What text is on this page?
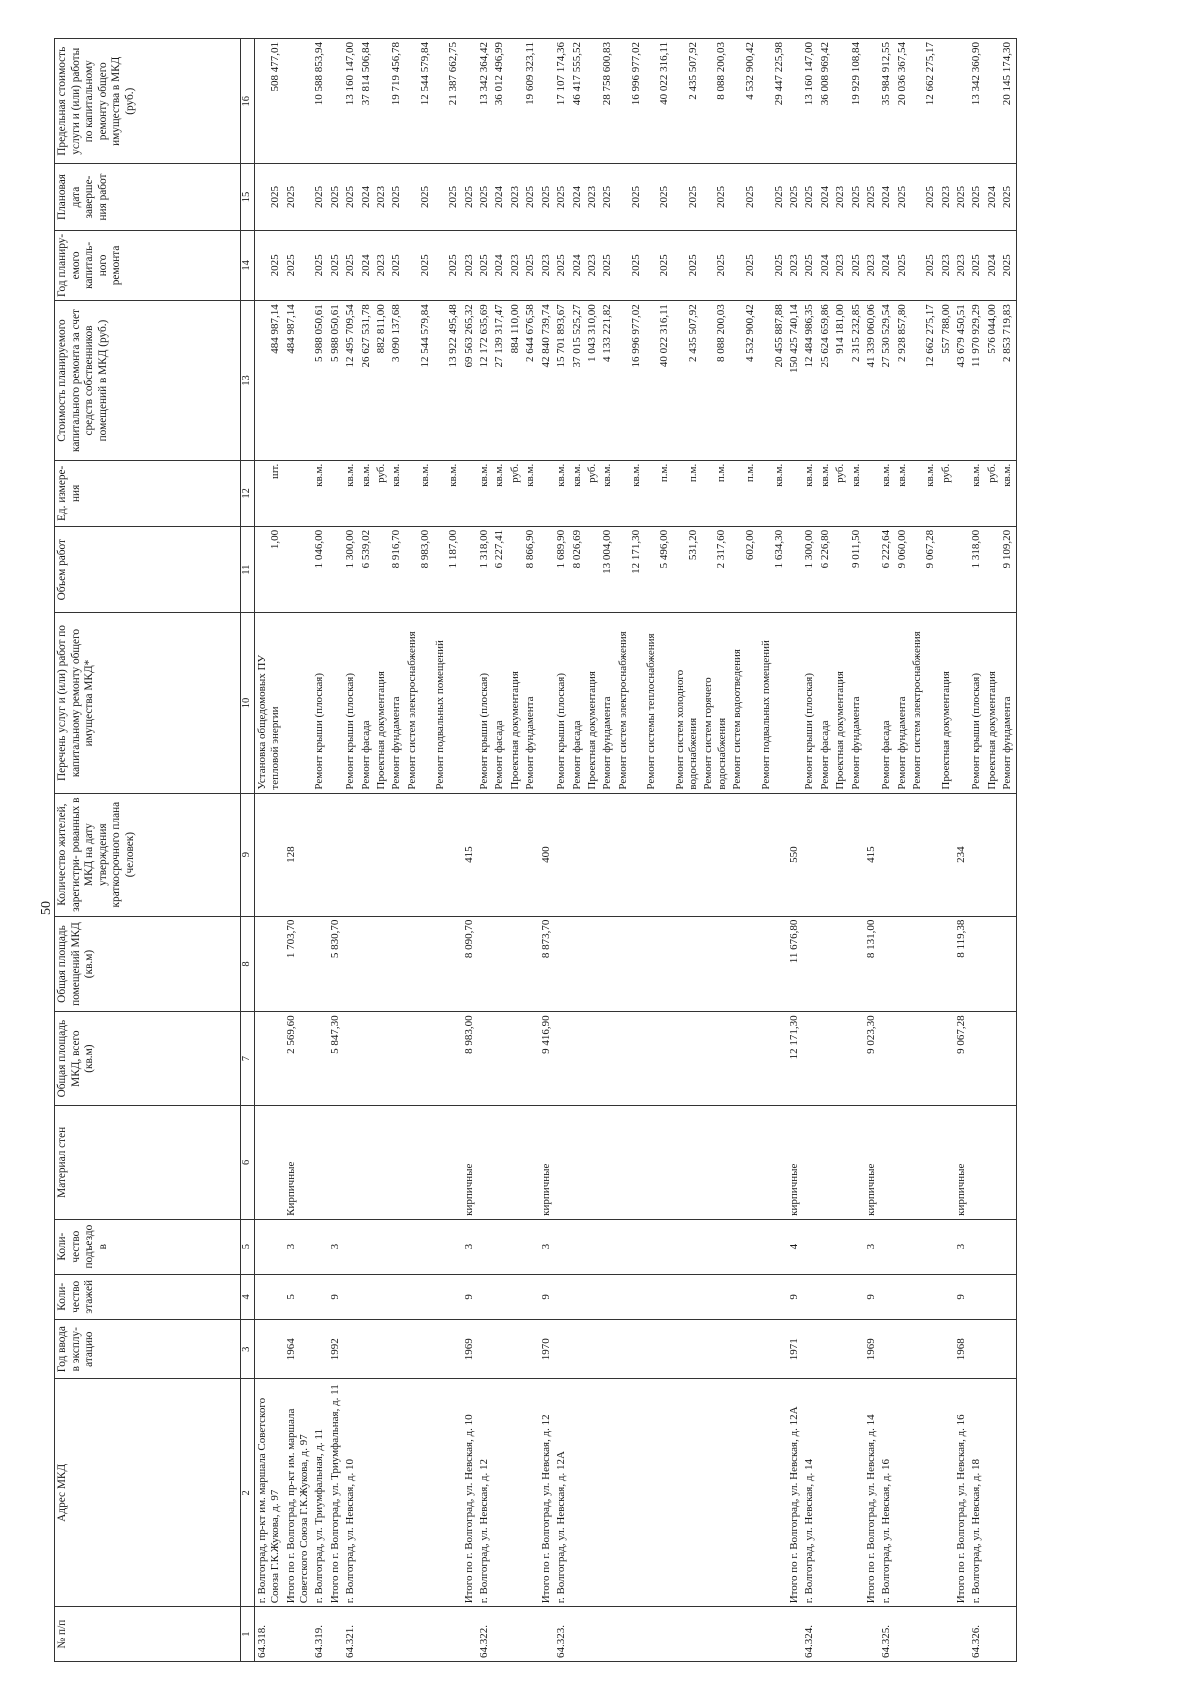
50
№ п/п	Адрес МКД	Год ввода в эксплу- атацию	Коли- чество этажей	Коли- чество подъездо в	Материал стен	Общая площадь МКД, всего (кв.м)	Общая площадь помещений МКД (кв.м)	Количество жителей, зарегистри- рованных в МКД на дату утверждения краткосрочного плана (человек)	Перечень услуг и (или) работ по капитальному ремонту общего имущества МКД*	Объем работ	Ед. измере- ния	Стоимость планируемого капитального ремонта за счет средств собственников помещений в МКД (руб.)	Год планиру- емого капиталь- ного ремонта	Плановая дата заверше- ния работ	Предельная стоимость услуги и (или) работы по капитальному ремонту общего имущества в МКД (руб.)
1	2	3	4	5	6	7	8	9	10	11	12	13	14	15	16
64.318.	г. Волгоград, пр-кт им. маршала Советского Союза Г.К.Жукова, д. 97								Установка общедомовых ПУ тепловой энергии	1,00	шт.	484 987,14	2025	2025	508 477,01
	Итого по г. Волгоград, пр-кт им. маршала Советского Союза Г.К.Жукова, д. 97	1964	5	3	Кирпичные	2 569,60	1 703,70	128				484 987,14	2025	2025	
64.319.	г. Волгоград, ул. Триумфальная, д. 11								Ремонт крыши (плоская)	1 046,00	кв.м.	5 988 050,61	2025	2025	10 588 853,94
	Итого по г. Волгоград, ул. Триумфальная, д. 11	1992	9	3		5 847,30	5 830,70					5 988 050,61	2025	2025	
64.321.	г. Волгоград, ул. Невская, д. 10								Ремонт крыши (плоская)	1 300,00	кв.м.	12 495 709,54	2025	2025	13 160 147,00
									Ремонт фасада	6 539,02	кв.м.	26 627 531,78	2024	2024	37 814 506,84
									Проектная документация		руб.	882 811,00	2023	2023	
									Ремонт фундамента	8 916,70	кв.м.	3 090 137,68	2025	2025	19 719 456,78
									Ремонт систем электроснабжения	8 983,00	кв.м.	12 544 579,84	2025	2025	12 544 579,84
									Ремонт подвальных помещений	1 187,00	кв.м.	13 922 495,48	2025	2025	21 387 662,75
	Итого по г. Волгоград, ул. Невская, д. 10	1969	9	3	кирпичные	8 983,00	8 090,70	415				69 563 265,32	2023	2025	
64.322.	г. Волгоград, ул. Невская, д. 12								Ремонт крыши (плоская)	1 318,00	кв.м.	12 172 635,69	2025	2025	13 342 364,42
									Ремонт фасада	6 227,41	кв.м.	27 139 317,47	2024	2024	36 012 496,99
									Проектная документация		руб.	884 110,00	2023	2023	
									Ремонт фундамента	8 866,90	кв.м.	2 644 676,58	2025	2025	19 609 323,11
	Итого по г. Волгоград, ул. Невская, д. 12	1970	9	3	кирпичные	9 416,90	8 873,70	400				42 840 739,74	2023	2025	
64.323.	г. Волгоград, ул. Невская, д. 12А								Ремонт крыши (плоская)	1 689,90	кв.м.	15 701 893,67	2025	2025	17 107 174,36
									Ремонт фасада	8 026,69	кв.м.	37 015 525,27	2024	2024	46 417 555,52
									Проектная документация		руб.	1 043 310,00	2023	2023	
									Ремонт фундамента	13 004,00	кв.м.	4 133 221,82	2025	2025	28 758 600,83
									Ремонт систем электроснабжения	12 171,30	кв.м.	16 996 977,02	2025	2025	16 996 977,02
									Ремонт системы теплоснабжения	5 496,00	п.м.	40 022 316,11	2025	2025	40 022 316,11
									Ремонт систем холодного водоснабжения	531,20	п.м.	2 435 507,92	2025	2025	2 435 507,92
									Ремонт систем горячего водоснабжения	2 317,60	п.м.	8 088 200,03	2025	2025	8 088 200,03
									Ремонт систем водоотведения	602,00	п.м.	4 532 900,42	2025	2025	4 532 900,42
									Ремонт подвальных помещений	1 634,30	кв.м.	20 455 887,88	2025	2025	29 447 225,98
	Итого по г. Волгоград, ул. Невская, д. 12А	1971	9	4	кирпичные	12 171,30	11 676,80	550				150 425 740,14	2023	2025	
64.324.	г. Волгоград, ул. Невская, д. 14								Ремонт крыши (плоская)	1 300,00	кв.м.	12 484 986,35	2025	2025	13 160 147,00
									Ремонт фасада	6 226,80	кв.м.	25 624 659,86	2024	2024	36 008 969,42
									Проектная документация		руб.	914 181,00	2023	2023	
									Ремонт фундамента	9 011,50	кв.м.	2 315 232,85	2025	2025	19 929 108,84
	Итого по г. Волгоград, ул. Невская, д. 14	1969	9	3	кирпичные	9 023,30	8 131,00	415				41 339 060,06	2023	2025	
64.325.	г. Волгоград, ул. Невская, д. 16								Ремонт фасада	6 222,64	кв.м.	27 530 529,54	2024	2024	35 984 912,55
									Ремонт фундамента	9 060,00	кв.м.	2 928 857,80	2025	2025	20 036 367,54
									Ремонт систем электроснабжения	9 067,28	кв.м.	12 662 275,17	2025	2025	12 662 275,17
									Проектная документация		руб.	557 788,00	2023	2023	
	Итого по г. Волгоград, ул. Невская, д. 16	1968	9	3	кирпичные	9 067,28	8 119,38	234				43 679 450,51	2023	2025	
64.326.	г. Волгоград, ул. Невская, д. 18								Ремонт крыши (плоская)	1 318,00	кв.м.	11 970 929,29	2025	2025	13 342 360,90
									Проектная документация		руб.	576 044,00	2024	2024	
									Ремонт фундамента	9 109,20	кв.м.	2 853 719,83	2025	2025	20 145 174,30
